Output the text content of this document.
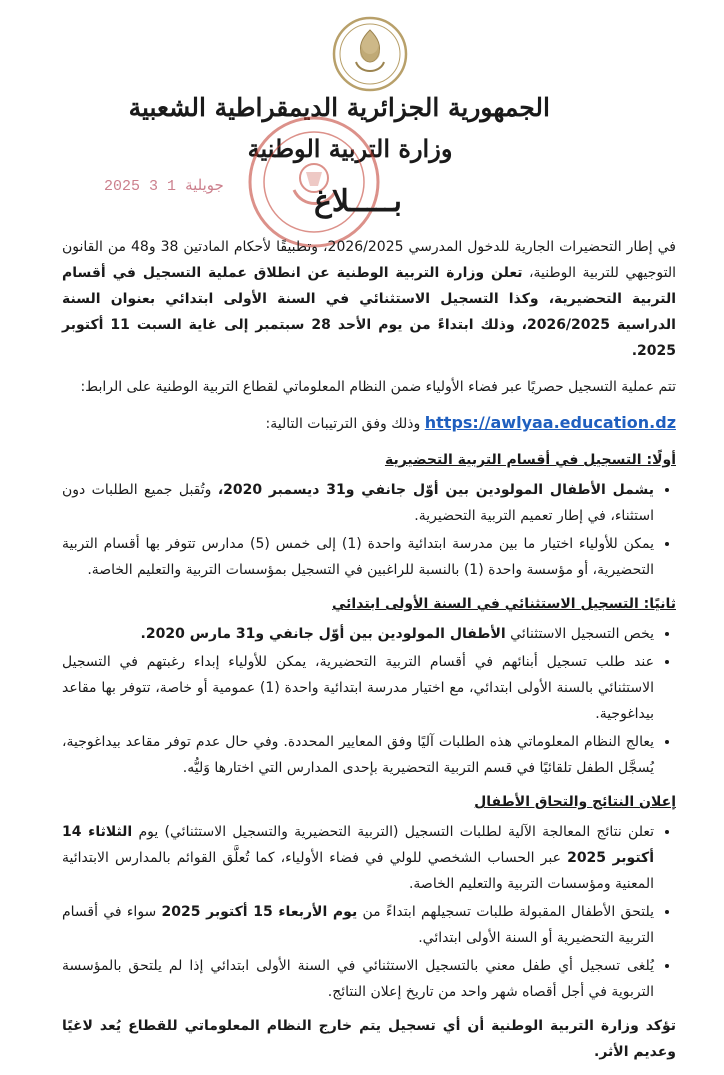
الجمهورية الجزائرية الديمقراطية الشعبية
وزارة التربية الوطنية
2025 ‎جويلية 1 3	بـــــلاغ

في إطار التحضيرات الجارية للدخول المدرسي 2026/2025، وتطبيقًا لأحكام المادتين 38 و48 من القانون التوجيهي للتربية الوطنية، تعلن وزارة التربية الوطنية عن انطلاق عملية التسجيل في أقسام التربية التحضيرية، وكذا التسجيل الاستثنائي في السنة الأولى ابتدائي بعنوان السنة الدراسية 2026/2025، وذلك ابتداءً من يوم الأحد 28 سبتمبر إلى غاية السبت 11 أكتوبر 2025.

تتم عملية التسجيل حصريًا عبر فضاء الأولياء ضمن النظام المعلوماتي لقطاع التربية الوطنية على الرابط:

https://awlyaa.education.dz وذلك وفق الترتيبات التالية:
أولًا: التسجيل في أقسام التربية التحضيرية
• يشمل الأطفال المولودين بين أوّل جانفي و31 ديسمبر 2020، وتُقبل جميع الطلبات دون استثناء، في إطار تعميم التربية التحضيرية.
• يمكن للأولياء اختيار ما بين مدرسة ابتدائية واحدة (1) إلى خمس (5) مدارس تتوفر بها أقسام التربية التحضيرية، أو مؤسسة واحدة (1) بالنسبة للراغبين في التسجيل بمؤسسات التربية والتعليم الخاصة.
ثانيًا: التسجيل الاستثنائي في السنة الأولى ابتدائي
• يخص التسجيل الاستثنائي الأطفال المولودين بين أوّل جانفي و31 مارس 2020.
• عند طلب تسجيل أبنائهم في أقسام التربية التحضيرية، يمكن للأولياء إبداء رغبتهم في التسجيل الاستثنائي بالسنة الأولى ابتدائي، مع اختيار مدرسة ابتدائية واحدة (1) عمومية أو خاصة، تتوفر بها مقاعد بيداغوجية.
• يعالج النظام المعلوماتي هذه الطلبات آليًا وفق المعايير المحددة. وفي حال عدم توفر مقاعد بيداغوجية، يُسجَّل الطفل تلقائيًا في قسم التربية التحضيرية بإحدى المدارس التي اختارها وَليُّه.
إعلان النتائج والتحاق الأطفال
• تعلن نتائج المعالجة الآلية لطلبات التسجيل (التربية التحضيرية والتسجيل الاستثنائي) يوم الثلاثاء 14 أكتوبر 2025 عبر الحساب الشخصي للولي في فضاء الأولياء، كما تُعلَّق القوائم بالمدارس الابتدائية المعنية ومؤسسات التربية والتعليم الخاصة.
• يلتحق الأطفال المقبولة طلبات تسجيلهم ابتداءً من يوم الأربعاء 15 أكتوبر 2025 سواء في أقسام التربية التحضيرية أو السنة الأولى ابتدائي.
• يُلغى تسجيل أي طفل معني بالتسجيل الاستثنائي في السنة الأولى ابتدائي إذا لم يلتحق بالمؤسسة التربوية في أجل أقصاه شهر واحد من تاريخ إعلان النتائج.

تؤكد وزارة التربية الوطنية أن أي تسجيل يتم خارج النظام المعلوماتي للقطاع يُعد لاغيًا وعديم الأثر.
